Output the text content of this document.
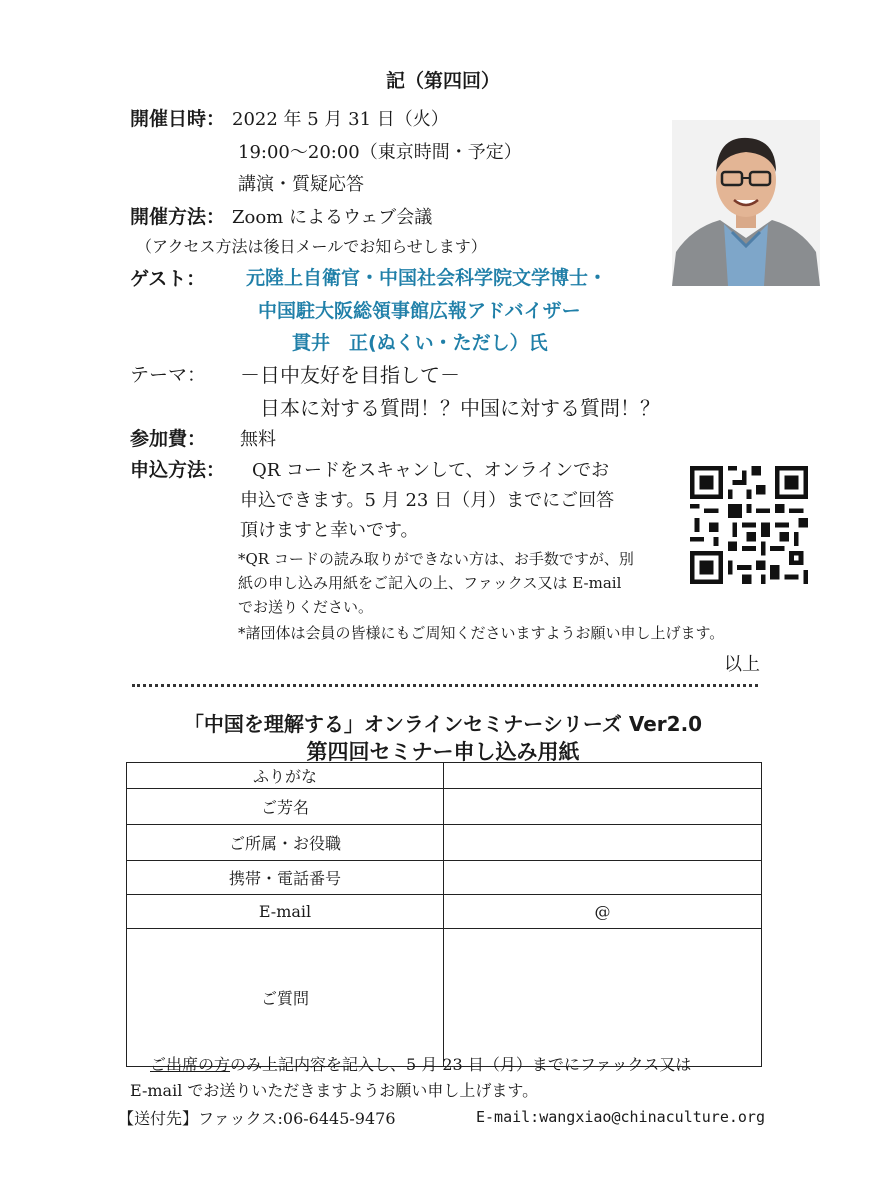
記（第四回）
開催日時： 2022 年 5 月 31 日（火）
19:00～20:00（東京時間・予定）
講演・質疑応答
開催方法： Zoom によるウェブ会議
（アクセス方法は後日メールでお知らせします）
ゲスト： 元陸上自衛官・中国社会科学院文学博士・
中国駐大阪総領事館広報アドバイザー
貫井　正(ぬくい・ただし）氏
テーマ： －日中友好を目指して－
日本に対する質問！？中国に対する質問！？
参加費： 無料
申込方法： QR コードをスキャンして、オンラインでお
申込できます。5 月 23 日（月）までにご回答
頂けますと幸いです。
*QR コードの読み取りができない方は、お手数ですが、別
紙の申し込み用紙をご記入の上、ファックス又は E-mail
でお送りください。
*諸団体は会員の皆様にもご周知くださいますようお願い申し上げます。
以上
「中国を理解する」オンラインセミナーシリーズ Ver2.0
第四回セミナー申し込み用紙
ふりがな	
ご芳名	
ご所属・お役職	
携帯・電話番号	
E-mail	@
ご質問	
ご出席の方のみ上記内容を記入し、5 月 23 日（月）までにファックス又は
E-mail でお送りいただきますようお願い申し上げます。
【送付先】ファックス:06-6445-9476	E-mail:wangxiao@chinaculture.org
